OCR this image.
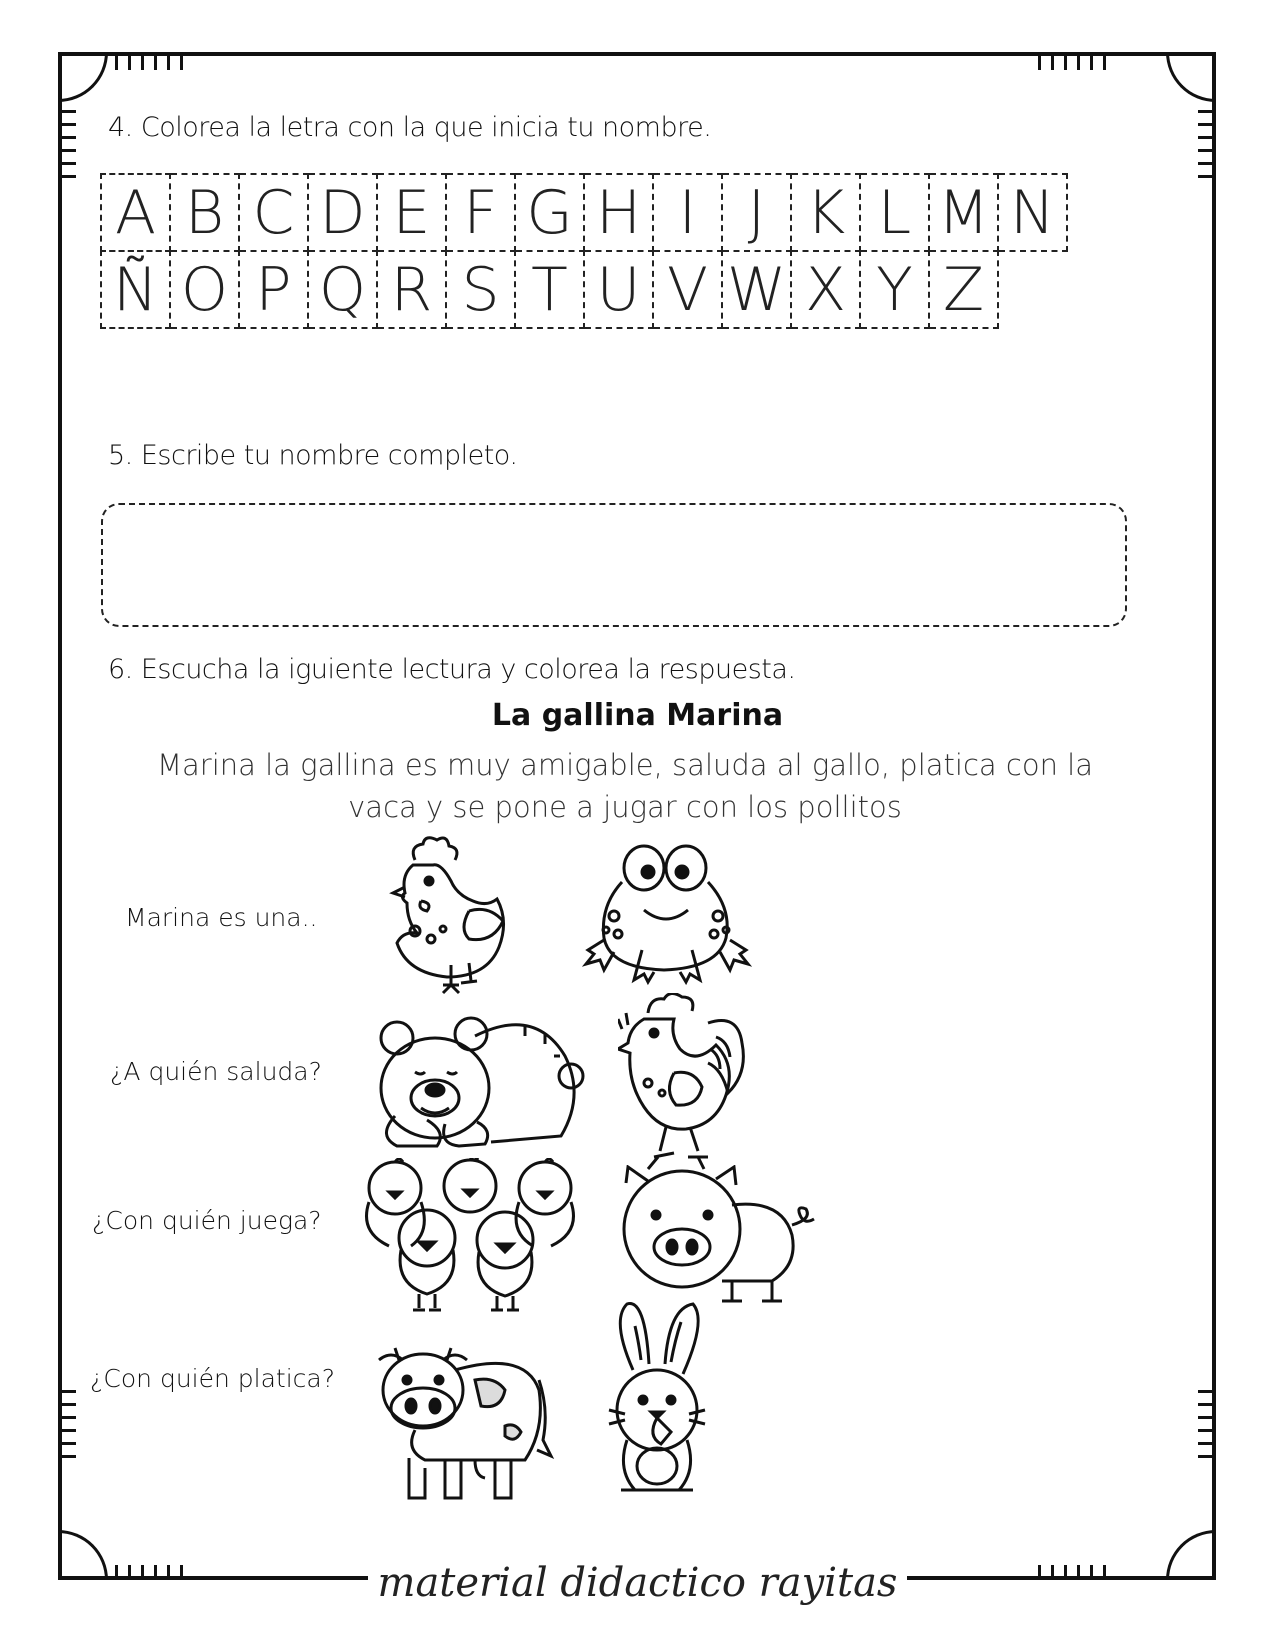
4. Colorea la letra con la que inicia tu nombre.

A	B	C	D	E	F	G	H	I	J	K	L	M	N
Ñ	O	P	Q	R	S	T	U	V	W	X	Y	Z

5. Escribe tu nombre completo.

6. Escucha la iguiente lectura y colorea la respuesta.

La gallina Marina

Marina la gallina es muy amigable, saluda al gallo, platica con la vaca y se pone a jugar con los pollitos

Marina es una..

¿A quién saluda?

¿Con quién juega?

¿Con quién platica?

material didactico rayitas
